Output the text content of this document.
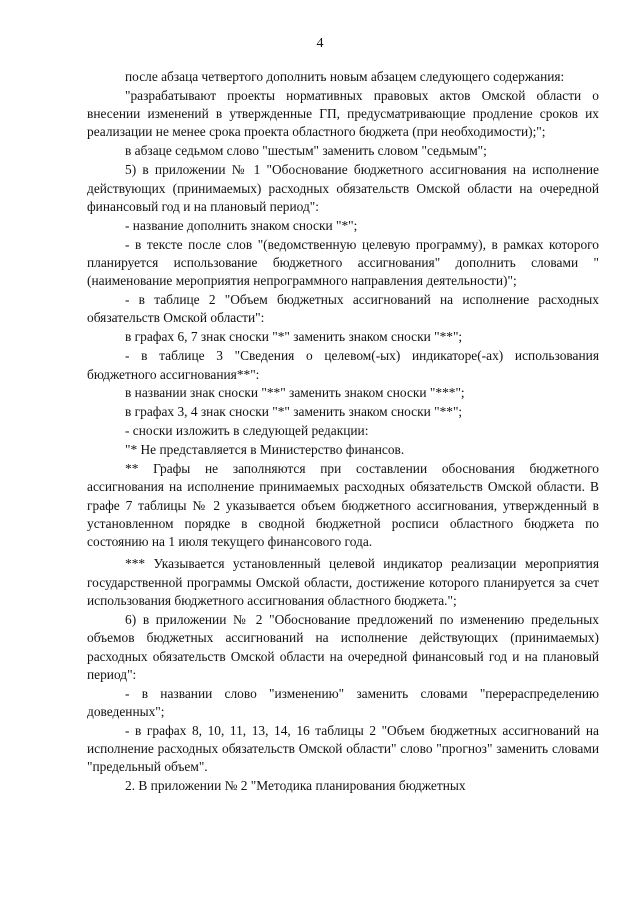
4

после абзаца четвертого дополнить новым абзацем следующего содержания:

"разрабатывают проекты нормативных правовых актов Омской области о внесении изменений в утвержденные ГП, предусматривающие продление сроков их реализации не менее срока проекта областного бюджета (при необходимости);";

в абзаце седьмом слово "шестым" заменить словом "седьмым";

5) в приложении № 1 "Обоснование бюджетного ассигнования на исполнение действующих (принимаемых) расходных обязательств Омской области на очередной финансовый год и на плановый период":

- название дополнить знаком сноски "*";

- в тексте после слов "(ведомственную целевую программу), в рамках которого планируется использование бюджетного ассигнования" дополнить словами "(наименование мероприятия непрограммного направления деятельности)";

- в таблице 2 "Объем бюджетных ассигнований на исполнение расходных обязательств Омской области":

в графах 6, 7 знак сноски "*" заменить знаком сноски "**";

- в таблице 3 "Сведения о целевом(-ых) индикаторе(-ах) использования бюджетного ассигнования**":

в названии знак сноски "**" заменить знаком сноски "***";

в графах 3, 4 знак сноски "*" заменить знаком сноски "**";

- сноски изложить в следующей редакции:

"* Не представляется в Министерство финансов.

** Графы не заполняются при составлении обоснования бюджетного ассигнования на исполнение принимаемых расходных обязательств Омской области. В графе 7 таблицы № 2 указывается объем бюджетного ассигнования, утвержденный в установленном порядке в сводной бюджетной росписи областного бюджета по состоянию на 1 июля текущего финансового года.

*** Указывается установленный целевой индикатор реализации мероприятия государственной программы Омской области, достижение которого планируется за счет использования бюджетного ассигнования областного бюджета.";

6) в приложении № 2 "Обоснование предложений по изменению предельных объемов бюджетных ассигнований на исполнение действующих (принимаемых) расходных обязательств Омской области на очередной финансовый год и на плановый период":

- в названии слово "изменению" заменить словами "перераспределению доведенных";

- в графах 8, 10, 11, 13, 14, 16 таблицы 2 "Объем бюджетных ассигнований на исполнение расходных обязательств Омской области" слово "прогноз" заменить словами "предельный объем".

2. В приложении № 2 "Методика планирования бюджетных
